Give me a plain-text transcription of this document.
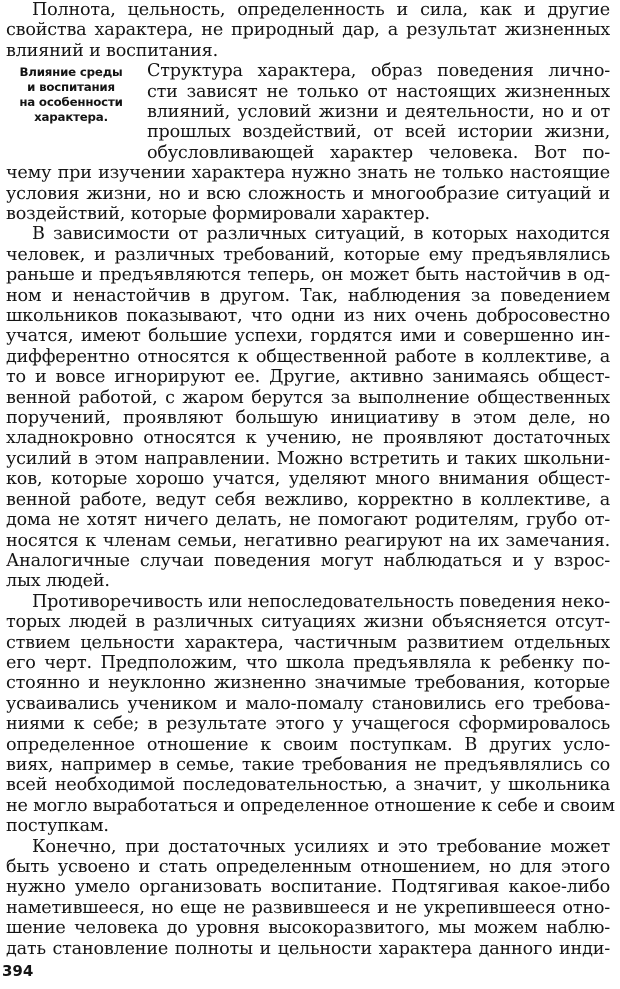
Влияние среды
и воспитания
на особенности
характера.
Полнота, цельность, определенность и сила, как и другие
свойства характера, не природный дар, а результат жизненных
влияний и воспитания.
Структура характера, образ поведения лично-
сти зависят не только от настоящих жизненных
влияний, условий жизни и деятельности, но и от
прошлых воздействий, от всей истории жизни,
обусловливающей характер человека. Вот по-
чему при изучении характера нужно знать не только настоящие
условия жизни, но и всю сложность и многообразие ситуаций и
воздействий, которые формировали характер.
В зависимости от различных ситуаций, в которых находится
человек, и различных требований, которые ему предъявлялись
раньше и предъявляются теперь, он может быть настойчив в од-
ном и ненастойчив в другом. Так, наблюдения за поведением
школьников показывают, что одни из них очень добросовестно
учатся, имеют большие успехи, гордятся ими и совершенно ин-
дифферентно относятся к общественной работе в коллективе, а
то и вовсе игнорируют ее. Другие, активно занимаясь общест-
венной работой, с жаром берутся за выполнение общественных
поручений, проявляют большую инициативу в этом деле, но
хладнокровно относятся к учению, не проявляют достаточных
усилий в этом направлении. Можно встретить и таких школьни-
ков, которые хорошо учатся, уделяют много внимания общест-
венной работе, ведут себя вежливо, корректно в коллективе, а
дома не хотят ничего делать, не помогают родителям, грубо от-
носятся к членам семьи, негативно реагируют на их замечания.
Аналогичные случаи поведения могут наблюдаться и у взрос-
лых людей.
Противоречивость или непоследовательность поведения неко-
торых людей в различных ситуациях жизни объясняется отсут-
ствием цельности характера, частичным развитием отдельных
его черт. Предположим, что школа предъявляла к ребенку по-
стоянно и неуклонно жизненно значимые требования, которые
усваивались учеником и мало-помалу становились его требова-
ниями к себе; в результате этого у учащегося сформировалось
определенное отношение к своим поступкам. В других усло-
виях, например в семье, такие требования не предъявлялись со
всей необходимой последовательностью, а значит, у школьника
не могло выработаться и определенное отношение к себе и своим
поступкам.
Конечно, при достаточных усилиях и это требование может
быть усвоено и стать определенным отношением, но для этого
нужно умело организовать воспитание. Подтягивая какое-либо
наметившееся, но еще не развившееся и не укрепившееся отно-
шение человека до уровня высокоразвитого, мы можем наблю-
дать становление полноты и цельности характера данного инди-
394
